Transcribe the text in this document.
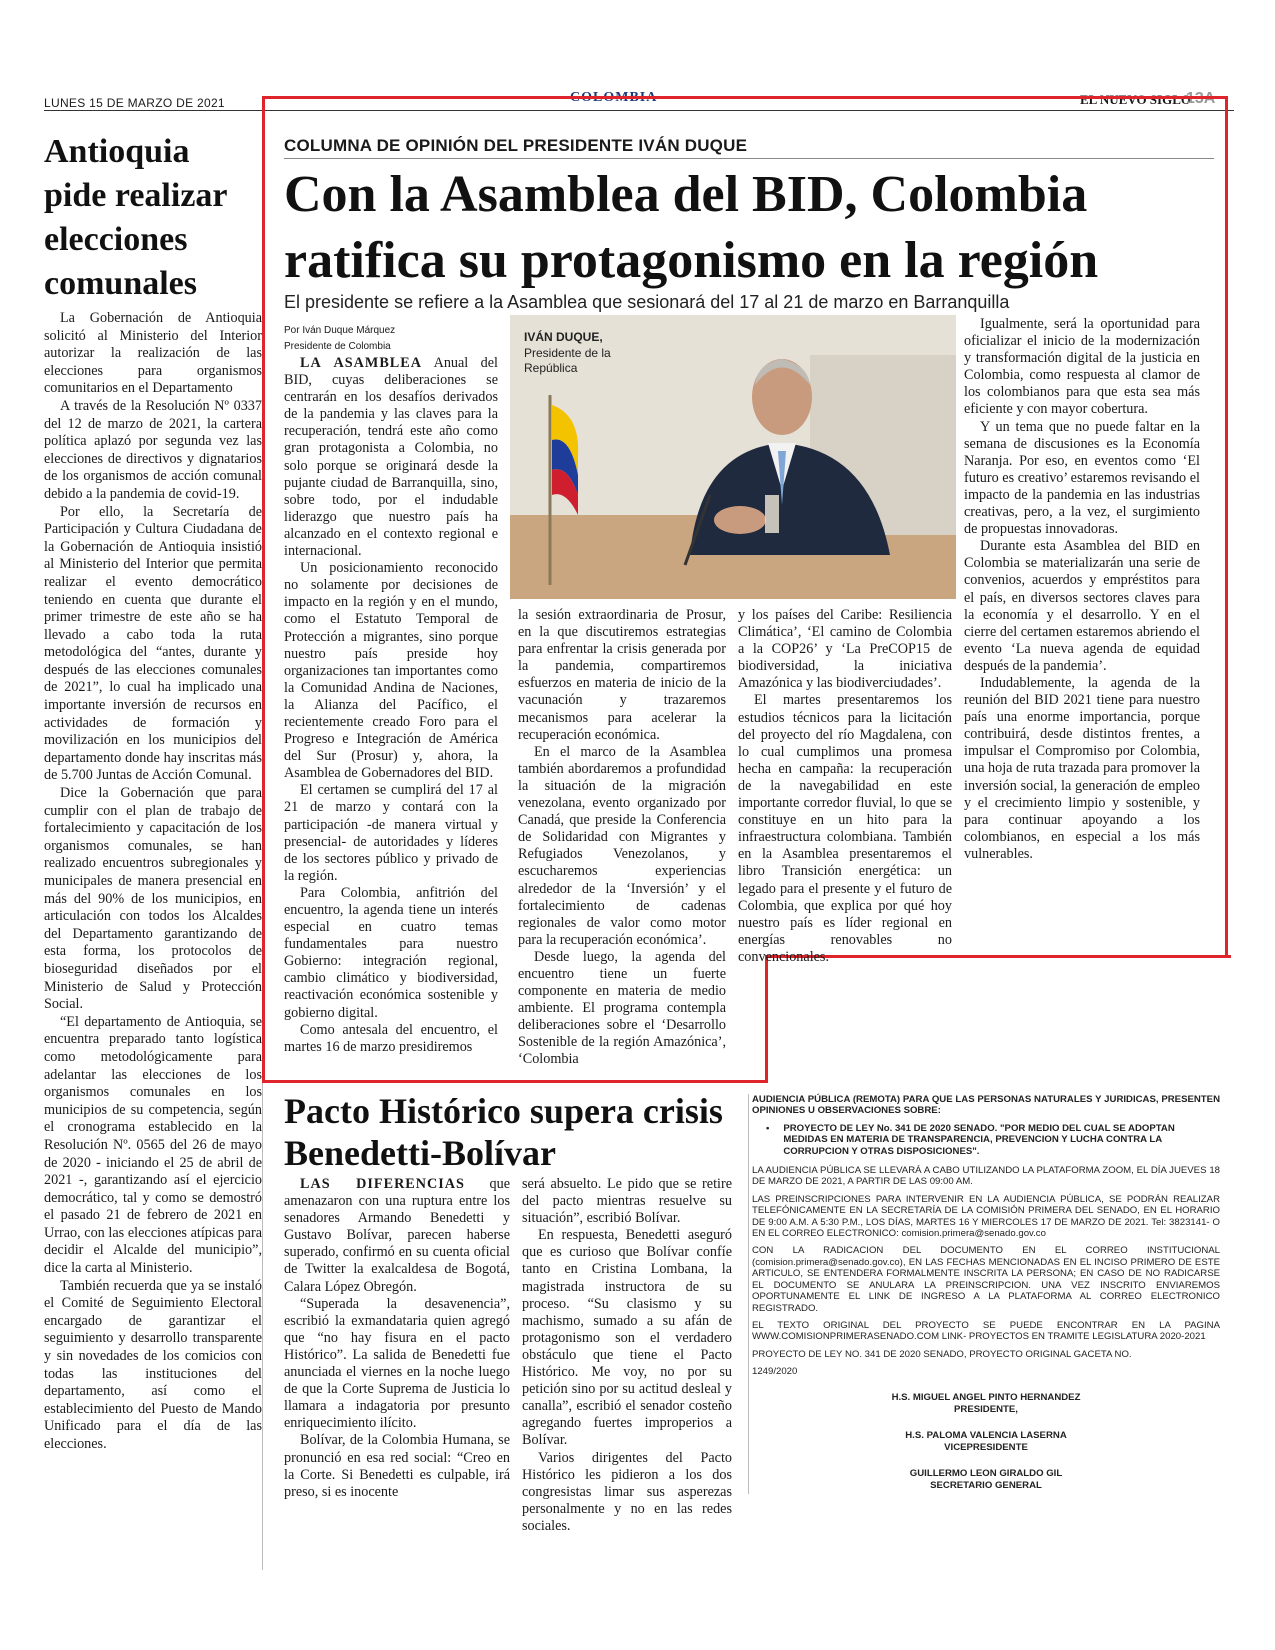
LUNES 15 DE MARZO DE 2021	COLOMBIA	EL NUEVO SIGLO
13A
Antioquia pide realizar elecciones comunales

La Gobernación de Antioquia solicitó al Ministerio del Interior autorizar la realización de las elecciones para organismos comunitarios en el Departamento

A través de la Resolución Nº 0337 del 12 de marzo de 2021, la cartera política aplazó por segunda vez las elecciones de directivos y dignatarios de los organismos de acción comunal debido a la pandemia de covid-19.

Por ello, la Secretaría de Participación y Cultura Ciudadana de la Gobernación de Antioquia insistió al Ministerio del Interior que permita realizar el evento democrático teniendo en cuenta que durante el primer trimestre de este año se ha llevado a cabo toda la ruta metodológica del “antes, durante y después de las elecciones comunales de 2021”, lo cual ha implicado una importante inversión de recursos en actividades de formación y movilización en los municipios del departamento donde hay inscritas más de 5.700 Juntas de Acción Comunal.

Dice la Gobernación que para cumplir con el plan de trabajo de fortalecimiento y capacitación de los organismos comunales, se han realizado encuentros subregionales y municipales de manera presencial en más del 90% de los municipios, en articulación con todos los Alcaldes del Departamento garantizando de esta forma, los protocolos de bioseguridad diseñados por el Ministerio de Salud y Protección Social.

“El departamento de Antioquia, se encuentra preparado tanto logística como metodológicamente para adelantar las elecciones de los organismos comunales en los municipios de su competencia, según el cronograma establecido en la Resolución Nº. 0565 del 26 de mayo de 2020 - iniciando el 25 de abril de 2021 -, garantizando así el ejercicio democrático, tal y como se demostró el pasado 21 de febrero de 2021 en Urrao, con las elecciones atípicas para decidir el Alcalde del municipio”, dice la carta al Ministerio.

También recuerda que ya se instaló el Comité de Seguimiento Electoral encargado de garantizar el seguimiento y desarrollo transparente y sin novedades de los comicios con todas las instituciones del departamento, así como el establecimiento del Puesto de Mando Unificado para el día de las elecciones.

COLUMNA DE OPINIÓN DEL PRESIDENTE IVÁN DUQUE
Con la Asamblea del BID, Colombia ratifica su protagonismo en la región
El presidente se refiere a la Asamblea que sesionará del 17 al 21 de marzo en Barranquilla
Por Iván Duque Márquez
Presidente de Colombia

LA ASAMBLEA Anual del BID, cuyas deliberaciones se centrarán en los desafíos derivados de la pandemia y las claves para la recuperación, tendrá este año como gran protagonista a Colombia, no solo porque se originará desde la pujante ciudad de Barranquilla, sino, sobre todo, por el indudable liderazgo que nuestro país ha alcanzado en el contexto regional e internacional.

Un posicionamiento reconocido no solamente por decisiones de impacto en la región y en el mundo, como el Estatuto Temporal de Protección a migrantes, sino porque nuestro país preside hoy organizaciones tan importantes como la Comunidad Andina de Naciones, la Alianza del Pacífico, el recientemente creado Foro para el Progreso e Integración de América del Sur (Prosur) y, ahora, la Asamblea de Gobernadores del BID.

El certamen se cumplirá del 17 al 21 de marzo y contará con la participación -de manera virtual y presencial- de autoridades y líderes de los sectores público y privado de la región.

Para Colombia, anfitrión del encuentro, la agenda tiene un interés especial en cuatro temas fundamentales para nuestro Gobierno: integración regional, cambio climático y biodiversidad, reactivación económica sostenible y gobierno digital.

Como antesala del encuentro, el martes 16 de marzo presidiremos

IVÁN DUQUE,
Presidente de la República

la sesión extraordinaria de Prosur, en la que discutiremos estrategias para enfrentar la crisis generada por la pandemia, compartiremos esfuerzos en materia de inicio de la vacunación y trazaremos mecanismos para acelerar la recuperación económica.

En el marco de la Asamblea también abordaremos a profundidad la situación de la migración venezolana, evento organizado por Canadá, que preside la Conferencia de Solidaridad con Migrantes y Refugiados Venezolanos, y escucharemos experiencias alrededor de la ‘Inversión’ y el fortalecimiento de cadenas regionales de valor como motor para la recuperación económica’.

Desde luego, la agenda del encuentro tiene un fuerte componente en materia de medio ambiente. El programa contempla deliberaciones sobre el ‘Desarrollo Sostenible de la región Amazónica’, ‘Colombia

y los países del Caribe: Resiliencia Climática’, ‘El camino de Colombia a la COP26’ y ‘La PreCOP15 de biodiversidad, la iniciativa Amazónica y las biodiverciudades’.

El martes presentaremos los estudios técnicos para la licitación del proyecto del río Magdalena, con lo cual cumplimos una promesa hecha en campaña: la recuperación de la navegabilidad en este importante corredor fluvial, lo que se constituye en un hito para la infraestructura colombiana. También en la Asamblea presentaremos el libro Transición energética: un legado para el presente y el futuro de Colombia, que explica por qué hoy nuestro país es líder regional en energías renovables no convencionales.

Igualmente, será la oportunidad para oficializar el inicio de la modernización y transformación digital de la justicia en Colombia, como respuesta al clamor de los colombianos para que esta sea más eficiente y con mayor cobertura.

Y un tema que no puede faltar en la semana de discusiones es la Economía Naranja. Por eso, en eventos como ‘El futuro es creativo’ estaremos revisando el impacto de la pandemia en las industrias creativas, pero, a la vez, el surgimiento de propuestas innovadoras.

Durante esta Asamblea del BID en Colombia se materializarán una serie de convenios, acuerdos y empréstitos para el país, en diversos sectores claves para la economía y el desarrollo. Y en el cierre del certamen estaremos abriendo el evento ‘La nueva agenda de equidad después de la pandemia’.

Indudablemente, la agenda de la reunión del BID 2021 tiene para nuestro país una enorme importancia, porque contribuirá, desde distintos frentes, a impulsar el Compromiso por Colombia, una hoja de ruta trazada para promover la inversión social, la generación de empleo y el crecimiento limpio y sostenible, y para continuar apoyando a los colombianos, en especial a los más vulnerables.

Pacto Histórico supera crisis Benedetti-Bolívar

LAS DIFERENCIAS que amenazaron con una ruptura entre los senadores Armando Benedetti y Gustavo Bolívar, parecen haberse superado, confirmó en su cuenta oficial de Twitter la exalcaldesa de Bogotá, Calara López Obregón.

“Superada la desavenencia”, escribió la exmandataria quien agregó que “no hay fisura en el pacto Histórico”. La salida de Benedetti fue anunciada el viernes en la noche luego de que la Corte Suprema de Justicia lo llamara a indagatoria por presunto enriquecimiento ilícito.

Bolívar, de la Colombia Humana, se pronunció en esa red social: “Creo en la Corte. Si Benedetti es culpable, irá preso, si es inocente

será absuelto. Le pido que se retire del pacto mientras resuelve su situación”, escribió Bolívar.

En respuesta, Benedetti aseguró que es curioso que Bolívar confíe tanto en Cristina Lombana, la magistrada instructora de su proceso. “Su clasismo y su machismo, sumado a su afán de protagonismo son el verdadero obstáculo que tiene el Pacto Histórico. Me voy, no por su petición sino por su actitud desleal y canalla”, escribió el senador costeño agregando fuertes improperios a Bolívar.

Varios dirigentes del Pacto Histórico les pidieron a los dos congresistas limar sus asperezas personalmente y no en las redes sociales.

AUDIENCIA PÚBLICA (REMOTA) PARA QUE LAS PERSONAS NATURALES Y JURIDICAS, PRESENTEN OPINIONES U OBSERVACIONES SOBRE:

• PROYECTO DE LEY No. 341 DE 2020 SENADO. "POR MEDIO DEL CUAL SE ADOPTAN MEDIDAS EN MATERIA DE TRANSPARENCIA, PREVENCION Y LUCHA CONTRA LA CORRUPCION Y OTRAS DISPOSICIONES".

LA AUDIENCIA PÚBLICA SE LLEVARÁ A CABO UTILIZANDO LA PLATAFORMA ZOOM, EL DÍA JUEVES 18 DE MARZO DE 2021, A PARTIR DE LAS 09:00 AM.

LAS PREINSCRIPCIONES PARA INTERVENIR EN LA AUDIENCIA PÚBLICA, SE PODRÁN REALIZAR TELEFÓNICAMENTE EN LA SECRETARÍA DE LA COMISIÓN PRIMERA DEL SENADO, EN EL HORARIO DE 9:00 A.M. A 5:30 P.M., LOS DÍAS, MARTES 16 Y MIERCOLES 17 DE MARZO DE 2021. Tel: 3823141- O EN EL CORREO ELECTRONICO: comision.primera@senado.gov.co

CON LA RADICACION DEL DOCUMENTO EN EL CORREO INSTITUCIONAL (comision.primera@senado.gov.co), EN LAS FECHAS MENCIONADAS EN EL INCISO PRIMERO DE ESTE ARTICULO, SE ENTENDERA FORMALMENTE INSCRITA LA PERSONA; EN CASO DE NO RADICARSE EL DOCUMENTO SE ANULARA LA PREINSCRIPCION. UNA VEZ INSCRITO ENVIAREMOS OPORTUNAMENTE EL LINK DE INGRESO A LA PLATAFORMA AL CORREO ELECTRONICO REGISTRADO.

EL TEXTO ORIGINAL DEL PROYECTO SE PUEDE ENCONTRAR EN LA PAGINA WWW.COMISIONPRIMERASENADO.COM LINK- PROYECTOS EN TRAMITE LEGISLATURA 2020-2021

PROYECTO DE LEY NO. 341 DE 2020 SENADO, PROYECTO ORIGINAL GACETA NO.

1249/2020

H.S. MIGUEL ANGEL PINTO HERNANDEZ
PRESIDENTE,
H.S. PALOMA VALENCIA LASERNA
VICEPRESIDENTE
GUILLERMO LEON GIRALDO GIL
SECRETARIO GENERAL
